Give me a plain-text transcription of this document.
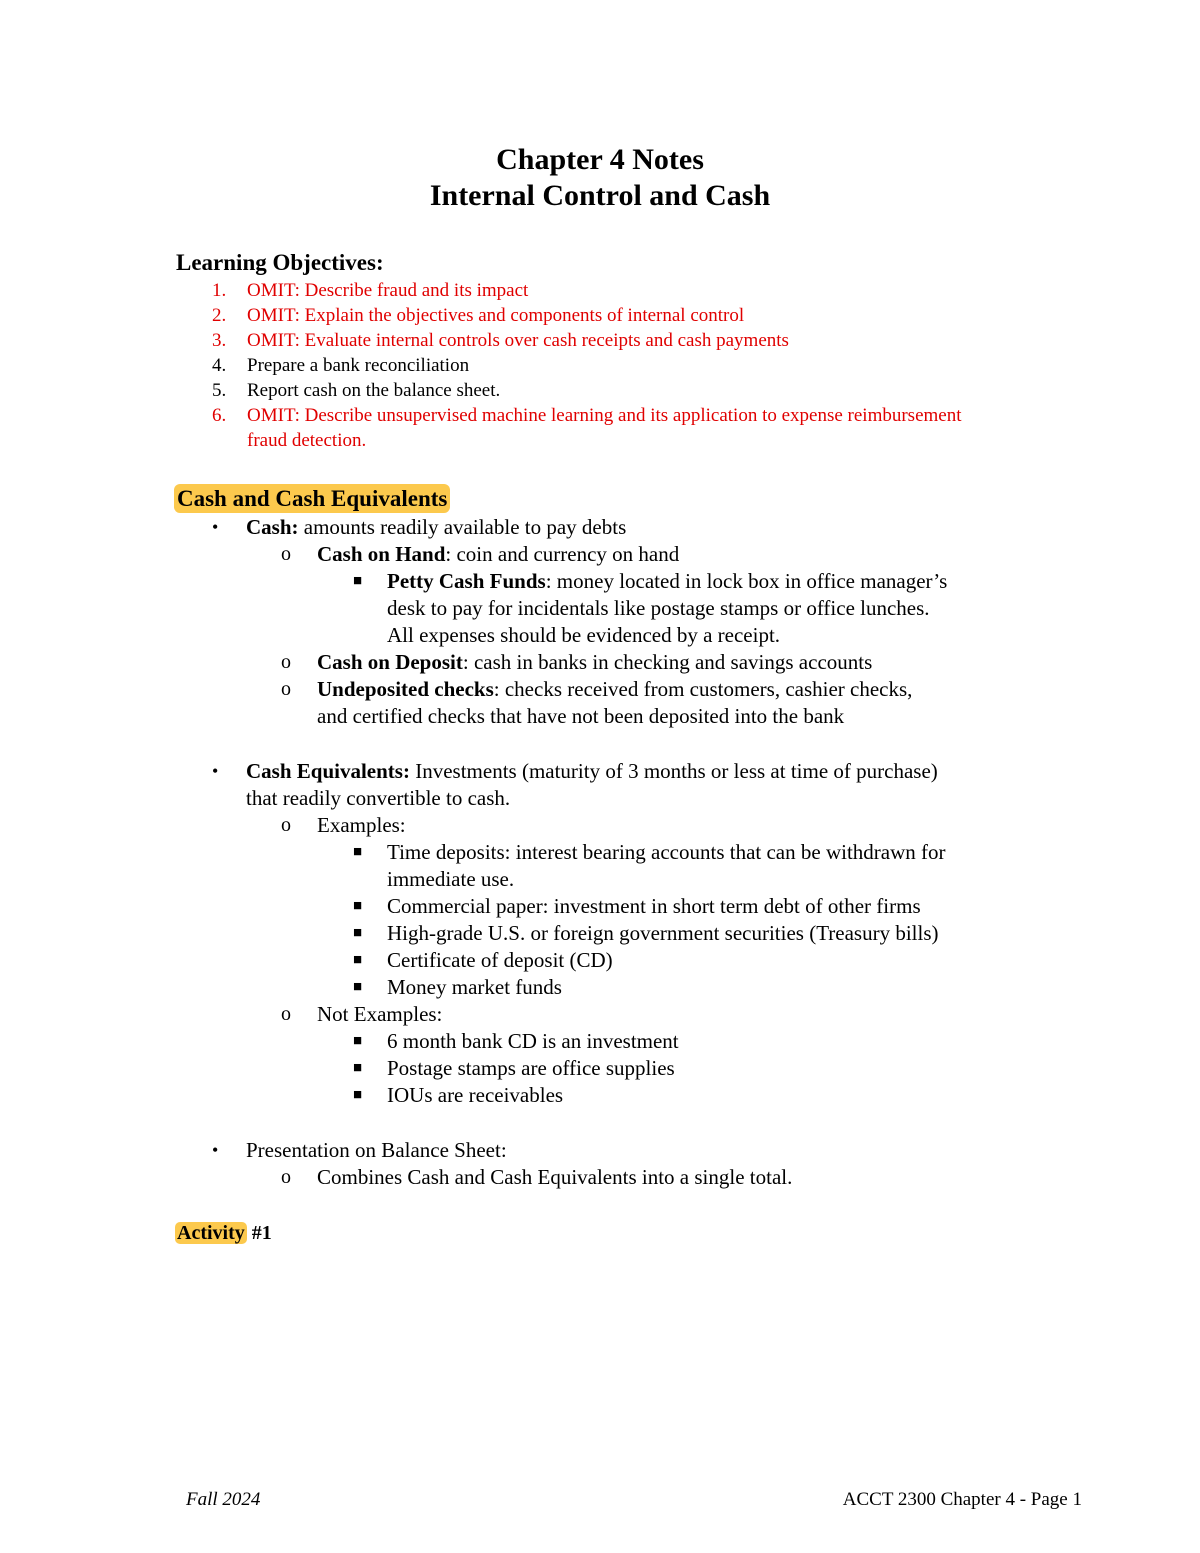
Chapter 4 Notes
Internal Control and Cash
Learning Objectives:
1. OMIT: Describe fraud and its impact
2. OMIT: Explain the objectives and components of internal control
3. OMIT: Evaluate internal controls over cash receipts and cash payments
4. Prepare a bank reconciliation
5. Report cash on the balance sheet.
6. OMIT: Describe unsupervised machine learning and its application to expense reimbursement fraud detection.
Cash and Cash Equivalents
• Cash: amounts readily available to pay debts
o Cash on Hand: coin and currency on hand
■ Petty Cash Funds: money located in lock box in office manager’s
desk to pay for incidentals like postage stamps or office lunches.
All expenses should be evidenced by a receipt.
o Cash on Deposit: cash in banks in checking and savings accounts
o Undeposited checks: checks received from customers, cashier checks,
and certified checks that have not been deposited into the bank
• Cash Equivalents: Investments (maturity of 3 months or less at time of purchase)
that readily convertible to cash.
o Examples:
■ Time deposits: interest bearing accounts that can be withdrawn for
immediate use.
■ Commercial paper: investment in short term debt of other firms
■ High-grade U.S. or foreign government securities (Treasury bills)
■ Certificate of deposit (CD)
■ Money market funds
o Not Examples:
■ 6 month bank CD is an investment
■ Postage stamps are office supplies
■ IOUs are receivables
• Presentation on Balance Sheet:
o Combines Cash and Cash Equivalents into a single total.
Activity #1
Fall 2024	ACCT 2300 Chapter 4 - Page 1
